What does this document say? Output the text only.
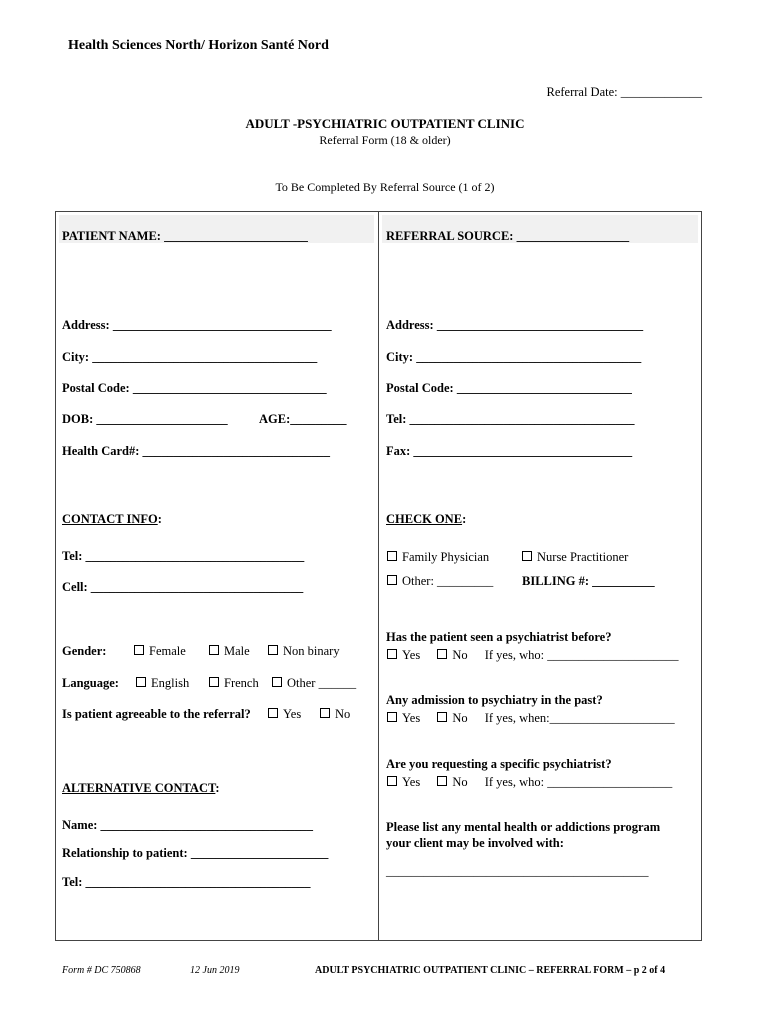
Health Sciences North/ Horizon Santé Nord
Referral Date: _____________
ADULT -PSYCHIATRIC OUTPATIENT CLINIC
Referral Form (18 & older)
To Be Completed By Referral Source (1 of 2)
PATIENT NAME: _______________________
Address: ___________________________________
City: ____________________________________
Postal Code: _______________________________
DOB: _____________________	AGE:_________
Health Card#: ______________________________
CONTACT INFO:
Tel: ___________________________________
Cell: __________________________________
Gender:	Female	Male	Non binary
Language:	English	French	Other ______
Is patient agreeable to the referral?	Yes	No
ALTERNATIVE CONTACT:
Name: __________________________________
Relationship to patient: ______________________
Tel: ____________________________________
REFERRAL SOURCE: __________________
Address: _________________________________
City: ____________________________________
Postal Code: ____________________________
Tel: ____________________________________
Fax: ___________________________________
CHECK ONE:
Family Physician	Nurse Practitioner
Other: _________ BILLING #: __________
Has the patient seen a psychiatrist before?
Yes	No If yes, who: _____________________
Any admission to psychiatry in the past?
Yes	No If yes, when:____________________
Are you requesting a specific psychiatrist?
Yes	No If yes, who: ____________________
Please list any mental health or addictions program
your client may be involved with:
__________________________________________
Form # DC 750868	12 Jun 2019	ADULT PSYCHIATRIC OUTPATIENT CLINIC – REFERRAL FORM – p 2 of 4
